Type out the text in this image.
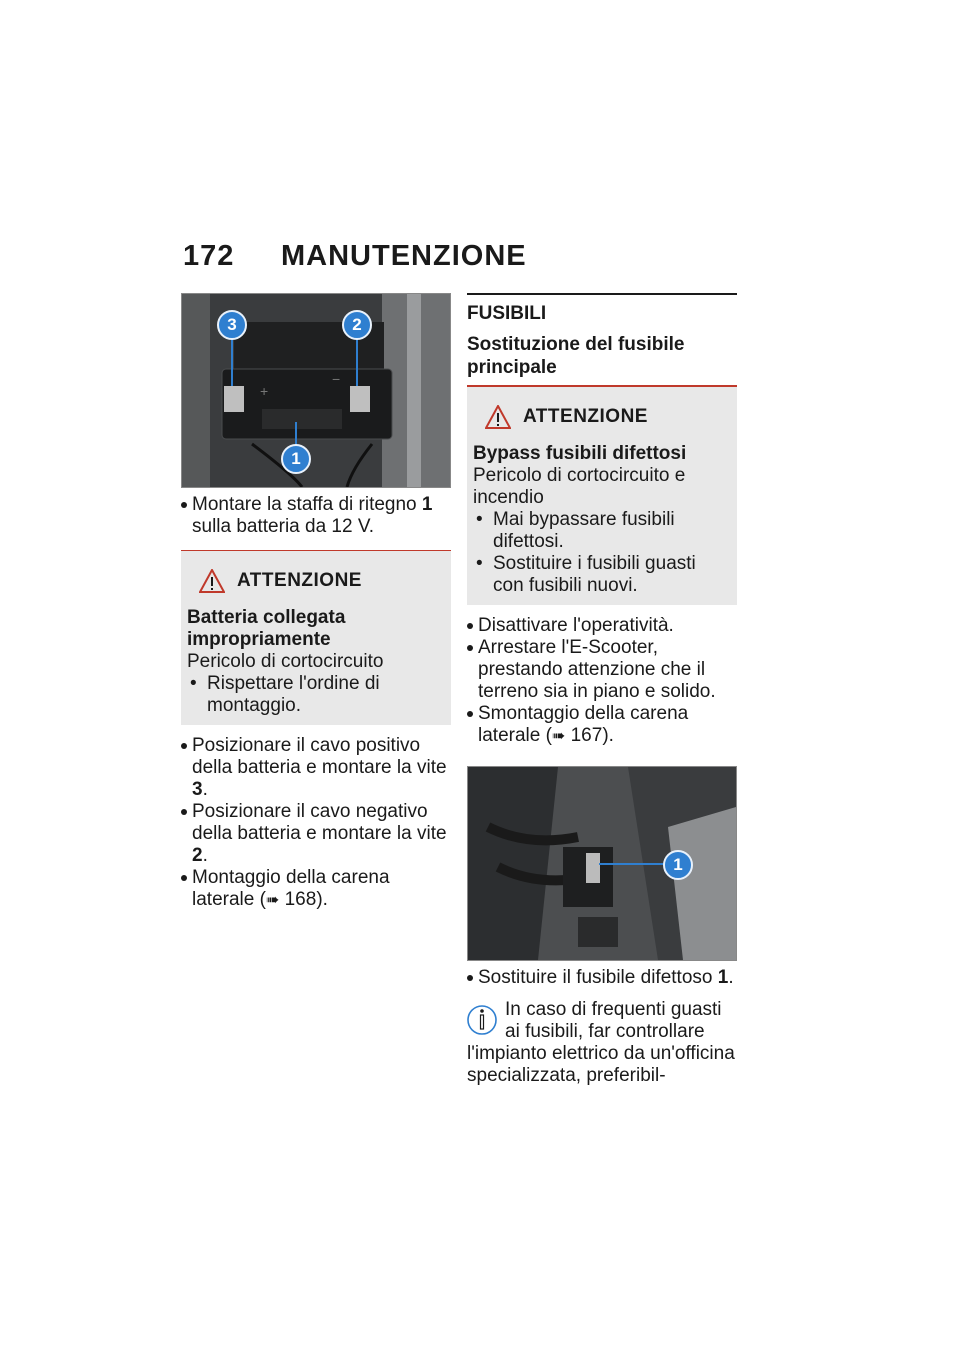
172 MANUTENZIONE
+
−
3	2
1

Montare la staffa di ritegno 1 sulla batteria da 12 V.

ATTENZIONE

Batteria collegata impropriamente

Pericolo di cortocircuito

• Rispettare l'ordine di montaggio.

Posizionare il cavo positivo della batteria e montare la vite 3.

Posizionare il cavo negativo della batteria e montare la vite 2.

Montaggio della carena laterale (➠ 168).

FUSIBILI

Sostituzione del fusibile principale

ATTENZIONE

Bypass fusibili difettosi

Pericolo di cortocircuito e incendio

• Mai bypassare fusibili difettosi.

• Sostituire i fusibili guasti con fusibili nuovi.

Disattivare l'operatività.

Arrestare l'E-Scooter, prestando attenzione che il terreno sia in piano e solido.

Smontaggio della carena laterale (➠ 167).

1

Sostituire il fusibile difettoso 1.

In caso di frequenti guasti ai fusibili, far controllare l'impianto elettrico da un'officina specializzata, preferibil-
